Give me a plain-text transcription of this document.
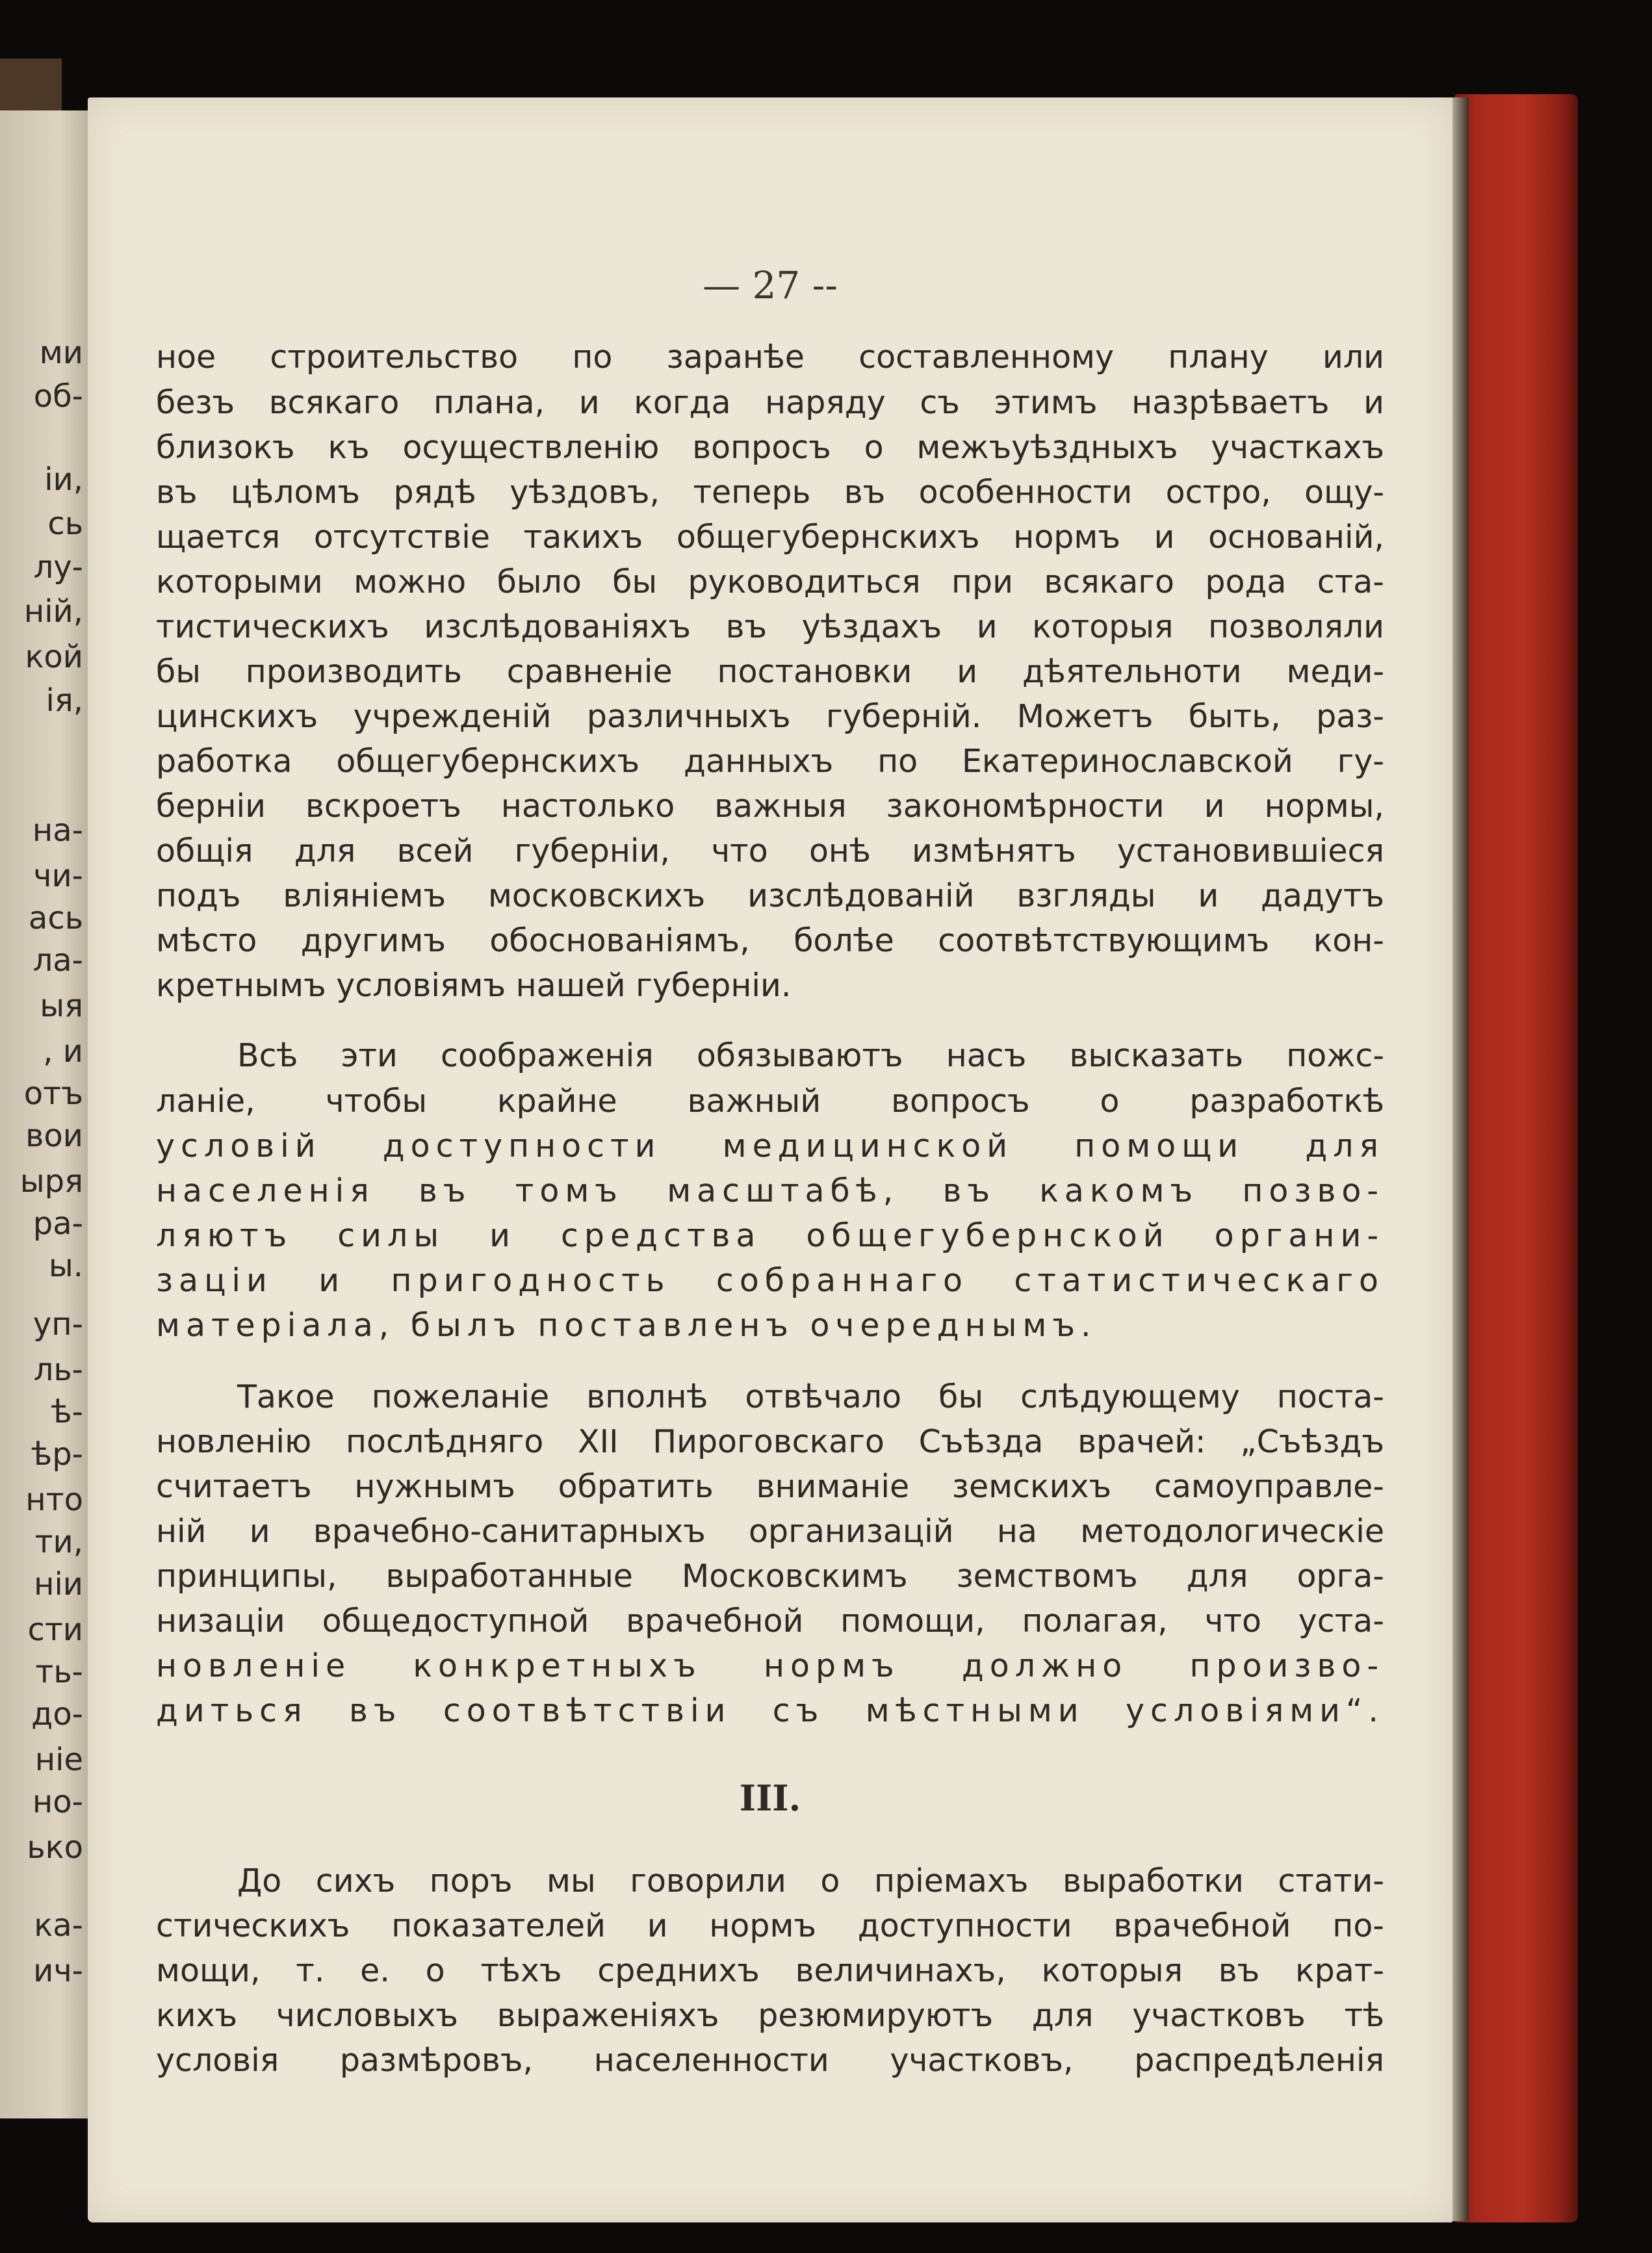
ми
об-
іи,
сь
лу-
ній,
кой
ія,
на-
чи-
ась
ла-
ыя
, и
отъ
вои
ыря
ра-
ы.
уп-
ль-
ѣ-
ѣр-
нто
ти,
ніи
сти
ть-
до-
ніе
но-
ько
ка-
ич-
— 27 --
ное строительство по заранѣе составленному плану или
безъ всякаго плана, и когда наряду съ этимъ назрѣваетъ и
близокъ къ осуществленію вопросъ о межъуѣздныхъ участкахъ
въ цѣломъ рядѣ уѣздовъ, теперь въ особенности остро, ощу-
щается отсутствіе такихъ общегубернскихъ нормъ и основаній,
которыми можно было бы руководиться при всякаго рода ста-
тистическихъ изслѣдованіяхъ въ уѣздахъ и которыя позволяли
бы производить сравненіе постановки и дѣятельноти меди-
цинскихъ учрежденій различныхъ губерній. Можетъ быть, раз-
работка общегубернскихъ данныхъ по Екатеринославской гу-
берніи вскроетъ настолько важныя закономѣрности и нормы,
общія для всей губерніи, что онѣ измѣнятъ установившіеся
подъ вліяніемъ московскихъ изслѣдованій взгляды и дадутъ
мѣсто другимъ обоснованіямъ, болѣе соотвѣтствующимъ кон-
кретнымъ условіямъ нашей губерніи.
Всѣ эти соображенія обязываютъ насъ высказать пожс-
ланіе, чтобы крайне важный вопросъ о разработкѣ
условій доступности медицинской помощи для
населенія въ томъ масштабѣ, въ какомъ позво-
ляютъ силы и средства общегубернской органи-
заціи и пригодность собраннаго статистическаго
матеріала, былъ поставленъ очереднымъ.
Такое пожеланіе вполнѣ отвѣчало бы слѣдующему поста-
новленію послѣдняго XII Пироговскаго Съѣзда врачей: „Съѣздъ
считаетъ нужнымъ обратить вниманіе земскихъ самоуправле-
ній и врачебно-санитарныхъ организацій на методологическіе
принципы, выработанные Московскимъ земствомъ для орга-
низаціи общедоступной врачебной помощи, полагая, что уста-
новленіе конкретныхъ нормъ должно произво-
диться въ соотвѣтствіи съ мѣстными условіями“.
III.
До сихъ поръ мы говорили о пріемахъ выработки стати-
стическихъ показателей и нормъ доступности врачебной по-
мощи, т. е. о тѣхъ среднихъ величинахъ, которыя въ крат-
кихъ числовыхъ выраженіяхъ резюмируютъ для участковъ тѣ
условія размѣровъ, населенности участковъ, распредѣленія
